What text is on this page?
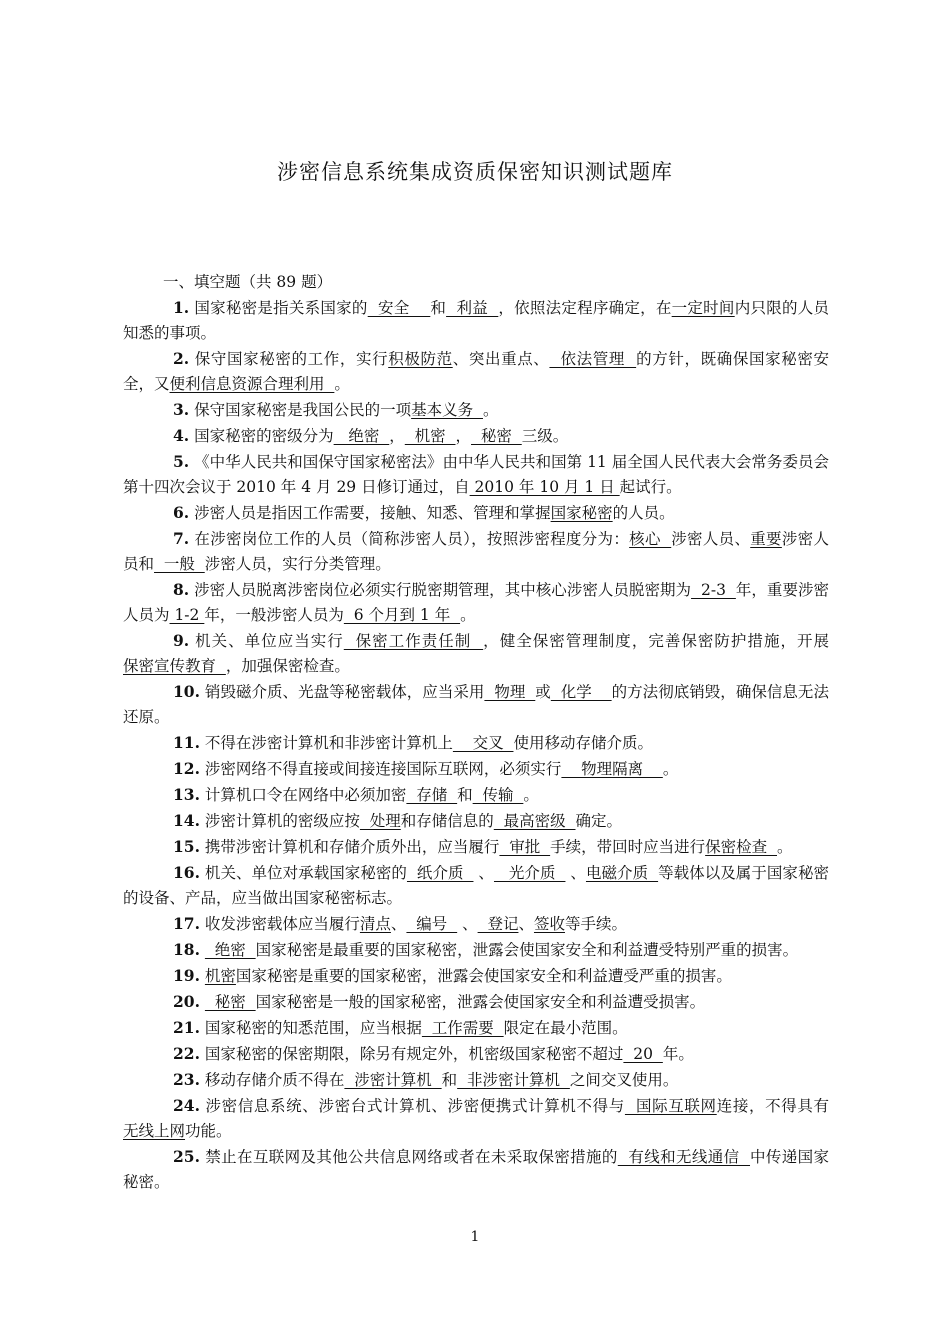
涉密信息系统集成资质保密知识测试题库

一、填空题（共 89 题）

1. 国家秘密是指关系国家的  安全    和  利益  ，依照法定程序确定，在一定时间内只限的人员知悉的事项。

2. 保守国家秘密的工作，实行积极防范、突出重点、  依法管理  的方针，既确保国家秘密安全，又便利信息资源合理利用  。

3. 保守国家秘密是我国公民的一项基本义务  。

4. 国家秘密的密级分为   绝密  ，  机密  ，  秘密  三级。

5. 《中华人民共和国保守国家秘密法》由中华人民共和国第 11 届全国人民代表大会常务委员会第十四次会议于 2010 年 4 月 29 日修订通过，自 2010 年 10 月 1 日 起试行。

6. 涉密人员是指因工作需要，接触、知悉、管理和掌握国家秘密的人员。

7. 在涉密岗位工作的人员（简称涉密人员），按照涉密程度分为：核心  涉密人员、重要涉密人员和  一般  涉密人员，实行分类管理。

8. 涉密人员脱离涉密岗位必须实行脱密期管理，其中核心涉密人员脱密期为  2-3  年，重要涉密人员为 1-2 年，一般涉密人员为  6 个月到 1 年  。

9. 机关、单位应当实行  保密工作责任制  ，健全保密管理制度，完善保密防护措施，开展保密宣传教育  ，加强保密检查。

10. 销毁磁介质、光盘等秘密载体，应当采用  物理  或  化学    的方法彻底销毁，确保信息无法还原。

11. 不得在涉密计算机和非涉密计算机上    交叉  使用移动存储介质。

12. 涉密网络不得直接或间接连接国际互联网，必须实行    物理隔离    。

13. 计算机口令在网络中必须加密  存储  和  传输  。

14. 涉密计算机的密级应按  处理和存储信息的  最高密级  确定。

15. 携带涉密计算机和存储介质外出，应当履行  审批  手续，带回时应当进行保密检查  。

16. 机关、单位对承载国家秘密的  纸介质   、   光介质   、电磁介质  等载体以及属于国家秘密的设备、产品，应当做出国家秘密标志。

17. 收发涉密载体应当履行清点、  编号   、  登记、签收等手续。

18.   绝密  国家秘密是最重要的国家秘密，泄露会使国家安全和利益遭受特别严重的损害。

19. 机密国家秘密是重要的国家秘密，泄露会使国家安全和利益遭受严重的损害。

20.   秘密  国家秘密是一般的国家秘密，泄露会使国家安全和利益遭受损害。

21. 国家秘密的知悉范围，应当根据  工作需要  限定在最小范围。

22. 国家秘密的保密期限，除另有规定外，机密级国家秘密不超过  20  年。

23. 移动存储介质不得在  涉密计算机  和  非涉密计算机  之间交叉使用。

24. 涉密信息系统、涉密台式计算机、涉密便携式计算机不得与  国际互联网连接，不得具有无线上网功能。

25. 禁止在互联网及其他公共信息网络或者在未采取保密措施的  有线和无线通信  中传递国家秘密。

1
